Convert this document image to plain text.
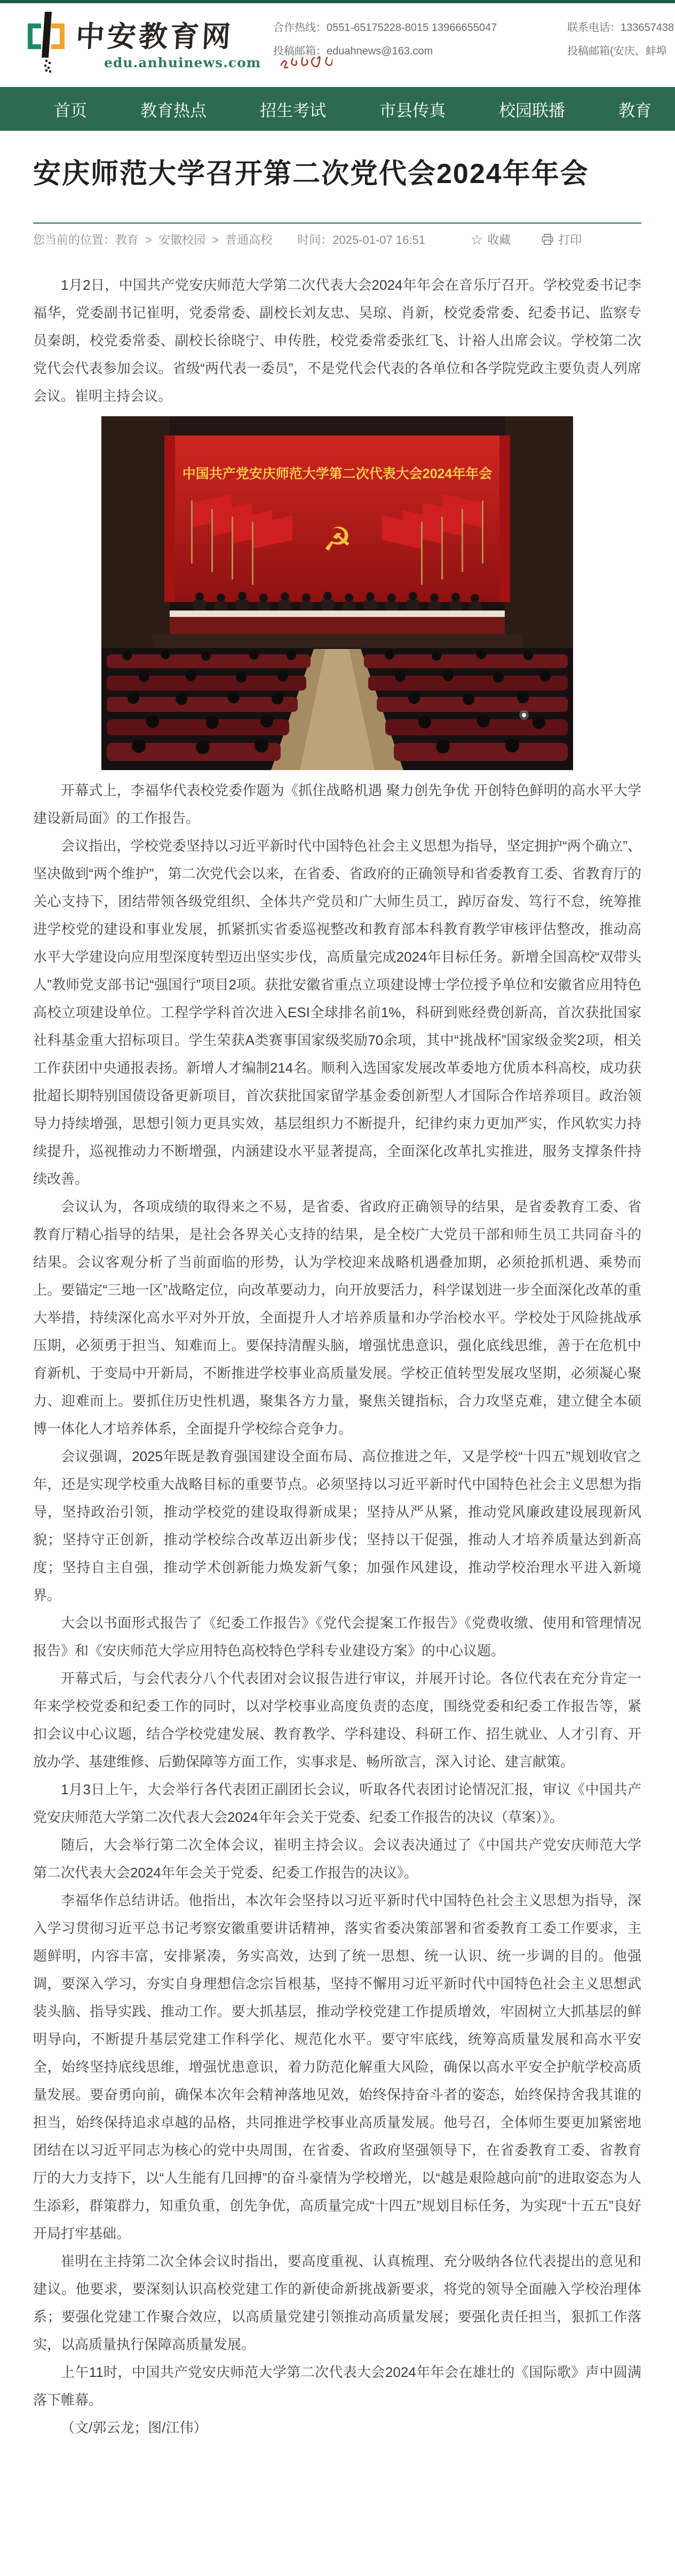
中安教育网
edu.anhuinews.com
合作热线：0551-65175228-8015 13966655047
投稿邮箱：eduahnews@163.com
联系电话：133657438
投稿邮箱(安庆、蚌埠
首页	教育热点	招生考试	市县传真	校园联播	教育
安庆师范大学召开第二次党代会2024年年会
您当前的位置： 教育 > 安徽校园 > 普通高校 时间：2025-01-07 16:51	☆ 收藏	打印

1月2日，中国共产党安庆师范大学第二次代表大会2024年年会在音乐厅召开。学校党委书记李福华，党委副书记崔明，党委常委、副校长刘友忠、吴琼、肖新，校党委常委、纪委书记、监察专员秦朗，校党委常委、副校长徐晓宁、申传胜，校党委常委张红飞、计裕人出席会议。学校第二次党代会代表参加会议。省级“两代表一委员”，不是党代会代表的各单位和各学院党政主要负责人列席会议。崔明主持会议。

中国共产党安庆师范大学第二次代表大会2024年年会
☭

开幕式上，李福华代表校党委作题为《抓住战略机遇 聚力创先争优 开创特色鲜明的高水平大学建设新局面》的工作报告。

会议指出，学校党委坚持以习近平新时代中国特色社会主义思想为指导，坚定拥护“两个确立”、坚决做到“两个维护”，第二次党代会以来，在省委、省政府的正确领导和省委教育工委、省教育厅的关心支持下，团结带领各级党组织、全体共产党员和广大师生员工，踔厉奋发、笃行不怠，统筹推进学校党的建设和事业发展，抓紧抓实省委巡视整改和教育部本科教育教学审核评估整改，推动高水平大学建设向应用型深度转型迈出坚实步伐，高质量完成2024年目标任务。新增全国高校“双带头人”教师党支部书记“强国行”项目2项。获批安徽省重点立项建设博士学位授予单位和安徽省应用特色高校立项建设单位。工程学学科首次进入ESI全球排名前1%，科研到账经费创新高，首次获批国家社科基金重大招标项目。学生荣获A类赛事国家级奖励70余项，其中“挑战杯”国家级金奖2项，相关工作获团中央通报表扬。新增人才编制214名。顺利入选国家发展改革委地方优质本科高校，成功获批超长期特别国债设备更新项目，首次获批国家留学基金委创新型人才国际合作培养项目。政治领导力持续增强，思想引领力更具实效，基层组织力不断提升，纪律约束力更加严实，作风软实力持续提升，巡视推动力不断增强，内涵建设水平显著提高，全面深化改革扎实推进，服务支撑条件持续改善。

会议认为，各项成绩的取得来之不易，是省委、省政府正确领导的结果，是省委教育工委、省教育厅精心指导的结果，是社会各界关心支持的结果，是全校广大党员干部和师生员工共同奋斗的结果。会议客观分析了当前面临的形势，认为学校迎来战略机遇叠加期，必须抢抓机遇、乘势而上。要锚定“三地一区”战略定位，向改革要动力，向开放要活力，科学谋划进一步全面深化改革的重大举措，持续深化高水平对外开放，全面提升人才培养质量和办学治校水平。学校处于风险挑战承压期，必须勇于担当、知难而上。要保持清醒头脑，增强忧患意识，强化底线思维，善于在危机中育新机、于变局中开新局，不断推进学校事业高质量发展。学校正值转型发展攻坚期，必须凝心聚力、迎难而上。要抓住历史性机遇，聚集各方力量，聚焦关键指标，合力攻坚克难，建立健全本硕博一体化人才培养体系，全面提升学校综合竞争力。

会议强调，2025年既是教育强国建设全面布局、高位推进之年，又是学校“十四五”规划收官之年，还是实现学校重大战略目标的重要节点。必须坚持以习近平新时代中国特色社会主义思想为指导，坚持政治引领，推动学校党的建设取得新成果；坚持从严从紧，推动党风廉政建设展现新风貌；坚持守正创新，推动学校综合改革迈出新步伐；坚持以干促强，推动人才培养质量达到新高度；坚持自主自强，推动学术创新能力焕发新气象；加强作风建设，推动学校治理水平进入新境界。

大会以书面形式报告了《纪委工作报告》《党代会提案工作报告》《党费收缴、使用和管理情况报告》和《安庆师范大学应用特色高校特色学科专业建设方案》的中心议题。

开幕式后，与会代表分八个代表团对会议报告进行审议，并展开讨论。各位代表在充分肯定一年来学校党委和纪委工作的同时，以对学校事业高度负责的态度，围绕党委和纪委工作报告等，紧扣会议中心议题，结合学校党建发展、教育教学、学科建设、科研工作、招生就业、人才引育、开放办学、基建维修、后勤保障等方面工作，实事求是、畅所欲言，深入讨论、建言献策。

1月3日上午，大会举行各代表团正副团长会议，听取各代表团讨论情况汇报，审议《中国共产党安庆师范大学第二次代表大会2024年年会关于党委、纪委工作报告的决议（草案）》。

随后，大会举行第二次全体会议，崔明主持会议。会议表决通过了《中国共产党安庆师范大学第二次代表大会2024年年会关于党委、纪委工作报告的决议》。

李福华作总结讲话。他指出，本次年会坚持以习近平新时代中国特色社会主义思想为指导，深入学习贯彻习近平总书记考察安徽重要讲话精神，落实省委决策部署和省委教育工委工作要求，主题鲜明，内容丰富，安排紧凑，务实高效，达到了统一思想、统一认识、统一步调的目的。他强调，要深入学习，夯实自身理想信念宗旨根基，坚持不懈用习近平新时代中国特色社会主义思想武装头脑、指导实践、推动工作。要大抓基层，推动学校党建工作提质增效，牢固树立大抓基层的鲜明导向，不断提升基层党建工作科学化、规范化水平。要守牢底线，统筹高质量发展和高水平安全，始终坚持底线思维，增强忧患意识，着力防范化解重大风险，确保以高水平安全护航学校高质量发展。要奋勇向前，确保本次年会精神落地见效，始终保持奋斗者的姿态，始终保持舍我其谁的担当，始终保持追求卓越的品格，共同推进学校事业高质量发展。他号召，全体师生要更加紧密地团结在以习近平同志为核心的党中央周围，在省委、省政府坚强领导下，在省委教育工委、省教育厅的大力支持下，以“人生能有几回搏”的奋斗豪情为学校增光，以“越是艰险越向前”的进取姿态为人生添彩，群策群力，知重负重，创先争优，高质量完成“十四五”规划目标任务，为实现“十五五”良好开局打牢基础。

崔明在主持第二次全体会议时指出，要高度重视、认真梳理、充分吸纳各位代表提出的意见和建议。他要求，要深刻认识高校党建工作的新使命新挑战新要求，将党的领导全面融入学校治理体系；要强化党建工作聚合效应，以高质量党建引领推动高质量发展；要强化责任担当，狠抓工作落实，以高质量执行保障高质量发展。

上午11时，中国共产党安庆师范大学第二次代表大会2024年年会在雄壮的《国际歌》声中圆满落下帷幕。

（文/郭云龙；图/江伟）
